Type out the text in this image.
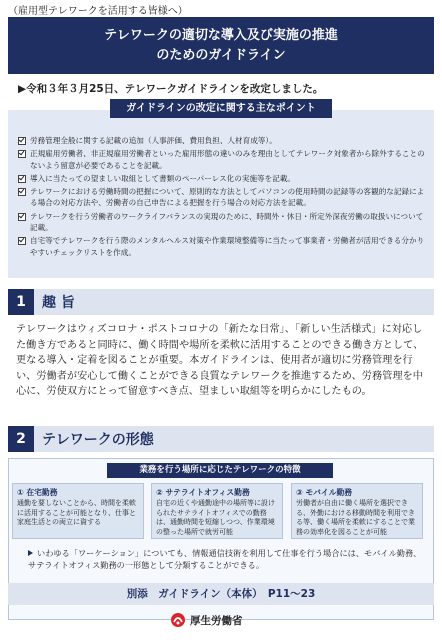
（雇用型テレワークを活用する皆様へ）
テレワークの適切な導入及び実施の推進
のためのガイドライン
▶令和３年３月25日、テレワークガイドラインを改定しました。
ガイドラインの改定に関する主なポイント
労務管理全般に関する記載の追加（人事評価、費用負担、人材育成等）。
正規雇用労働者、非正規雇用労働者といった雇用形態の違いのみを理由としてテレワーク対象者から除外することのないよう留意が必要であることを記載。
導入に当たっての望ましい取組として書類のペーパーレス化の実施等を記載。
テレワークにおける労働時間の把握について、原則的な方法としてパソコンの使用時間の記録等の客観的な記録による場合の対応方法や、労働者の自己申告による把握を行う場合の対応方法を記載。
テレワークを行う労働者のワークライフバランスの実現のために、時間外・休日・所定外深夜労働の取扱いについて記載。
自宅等でテレワークを行う際のメンタルヘルス対策や作業環境整備等に当たって事業者・労働者が活用できる分かりやすいチェックリストを作成。
1	趣 旨

テレワークはウィズコロナ・ポストコロナの「新たな日常」、「新しい生活様式」に対応した働き方であると同時に、働く時間や場所を柔軟に活用することのできる働き方として、更なる導入・定着を図ることが重要。本ガイドラインは、使用者が適切に労務管理を行い、労働者が安心して働くことができる良質なテレワークを推進するため、労務管理を中心に、労使双方にとって留意すべき点、望ましい取組等を明らかにしたもの。

2	テレワークの形態
業務を行う場所に応じたテレワークの特徴
① 在宅勤務
通勤を要しないことから、時間を柔軟に活用することが可能となり、仕事と家庭生活との両立に資する
② サテライトオフィス勤務
自宅の近くや通勤途中の場所等に設けられたサテライトオフィスでの勤務は、通勤時間を短縮しつつ、作業環境の整った場所で就労可能
③ モバイル勤務
労働者が自由に働く場所を選択できる、外勤における移動時間を利用できる等、働く場所を柔軟にすることで業務の効率化を図ることが可能
いわゆる「ワーケーション」についても、情報通信技術を利用して仕事を行う場合には、モバイル勤務、サテライトオフィス勤務の一形態として分類することができる。
別添　ガイドライン（本体）　P11～23
厚生労働省
